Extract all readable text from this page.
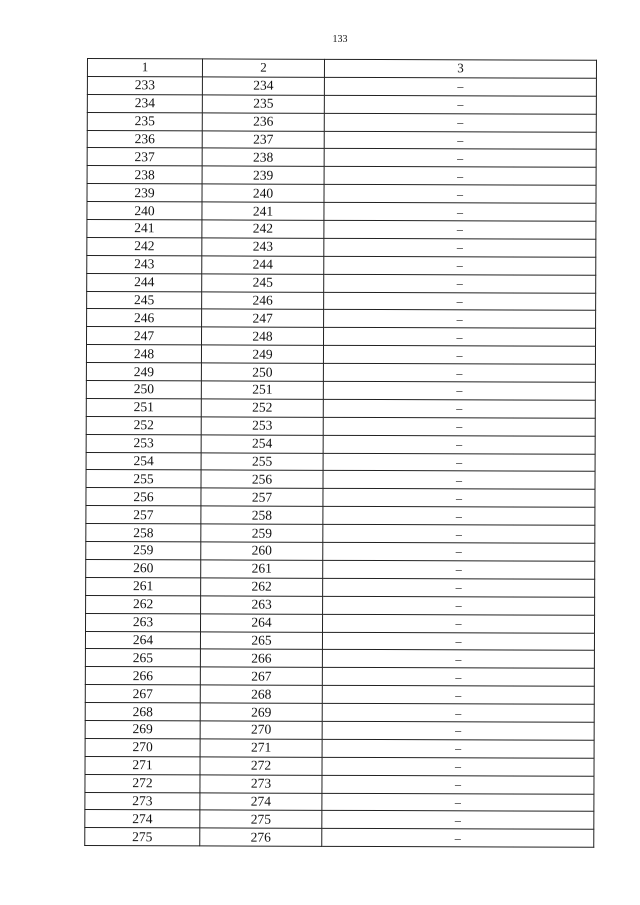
133
1	2	3
233	234	–
234	235	–
235	236	–
236	237	–
237	238	–
238	239	–
239	240	–
240	241	–
241	242	–
242	243	–
243	244	–
244	245	–
245	246	–
246	247	–
247	248	–
248	249	–
249	250	–
250	251	–
251	252	–
252	253	–
253	254	–
254	255	–
255	256	–
256	257	–
257	258	–
258	259	–
259	260	–
260	261	–
261	262	–
262	263	–
263	264	–
264	265	–
265	266	–
266	267	–
267	268	–
268	269	–
269	270	–
270	271	–
271	272	–
272	273	–
273	274	–
274	275	–
275	276	–
